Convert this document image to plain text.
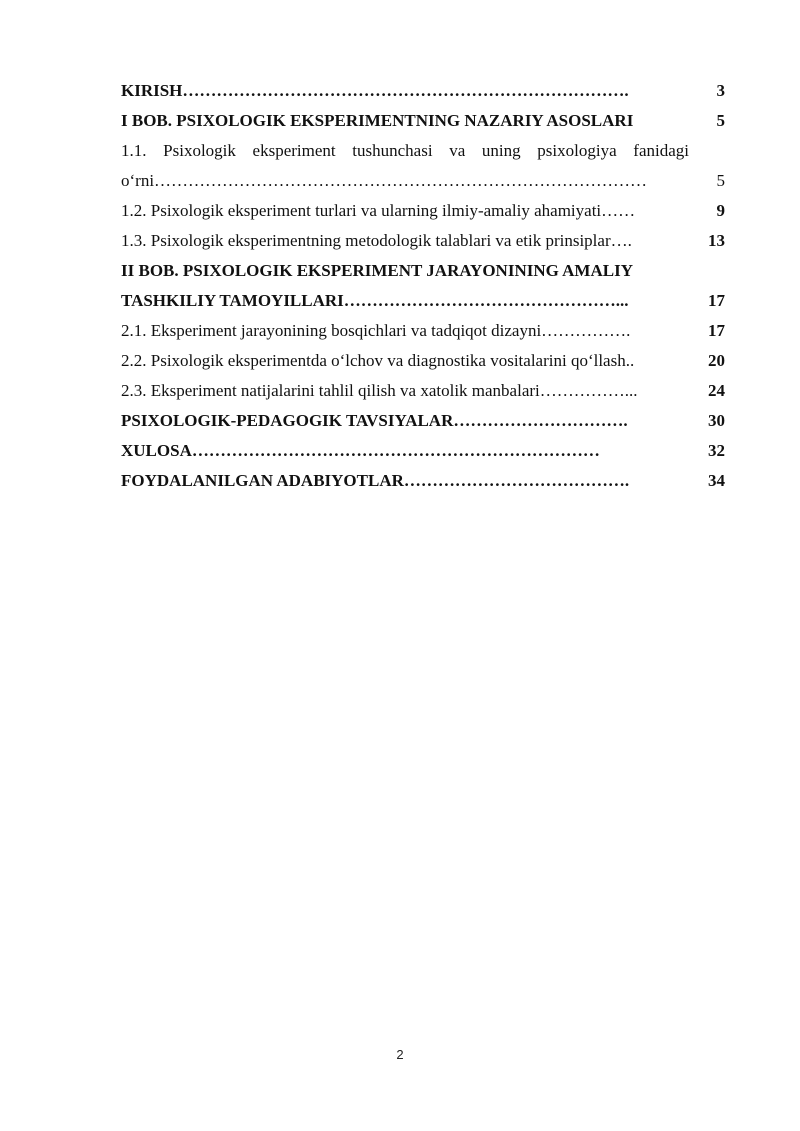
KIRISH…………………………………………………………………….	3
I BOB. PSIXOLOGIK EKSPERIMENTNING NAZARIY ASOSLARI	5
1.1. Psixologik eksperiment tushunchasi va uning psixologiya fanidagi
o‘rni……………………………………………………………………………	5
1.2. Psixologik eksperiment turlari va ularning ilmiy-amaliy ahamiyati……	9
1.3. Psixologik eksperimentning metodologik talablari va etik prinsiplar….	13
II BOB. PSIXOLOGIK EKSPERIMENT JARAYONINING AMALIY
TASHKILIY TAMOYILLARI…………………………………………...	17
2.1. Eksperiment jarayonining bosqichlari va tadqiqot dizayni…………….	17
2.2. Psixologik eksperimentda o‘lchov va diagnostika vositalarini qo‘llash..	20
2.3. Eksperiment natijalarini tahlil qilish va xatolik manbalari……………...	24
PSIXOLOGIK-PEDAGOGIK TAVSIYALAR………………………….	30
XULOSA………………………………………………………………	32
FOYDALANILGAN ADABIYOTLAR………………………………….	34
2
